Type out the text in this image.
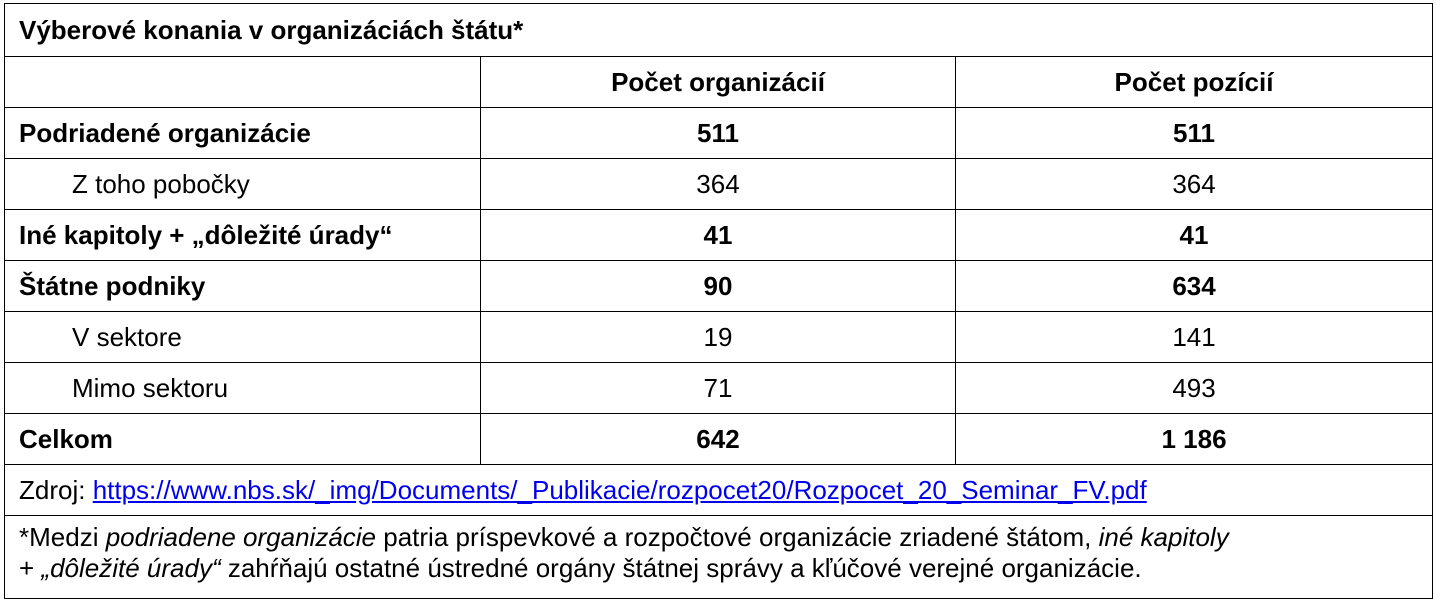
Výberové konania v organizáciách štátu*		
	Počet organizácií	Počet pozícií
Podriadené organizácie	511	511
Z toho pobočky	364	364
Iné kapitoly + „dôležité úrady“	41	41
Štátne podniky	90	634
V sektore	19	141
Mimo sektoru	71	493
Celkom	642	1 186
Zdroj: https://www.nbs.sk/_img/Documents/_Publikacie/rozpocet20/Rozpocet_20_Seminar_FV.pdf		
*Medzi podriadene organizácie patria príspevkové a rozpočtové organizácie zriadené štátom, iné kapitoly
+ „dôležité úrady“ zahŕňajú ostatné ústredné orgány štátnej správy a kľúčové verejné organizácie.		
